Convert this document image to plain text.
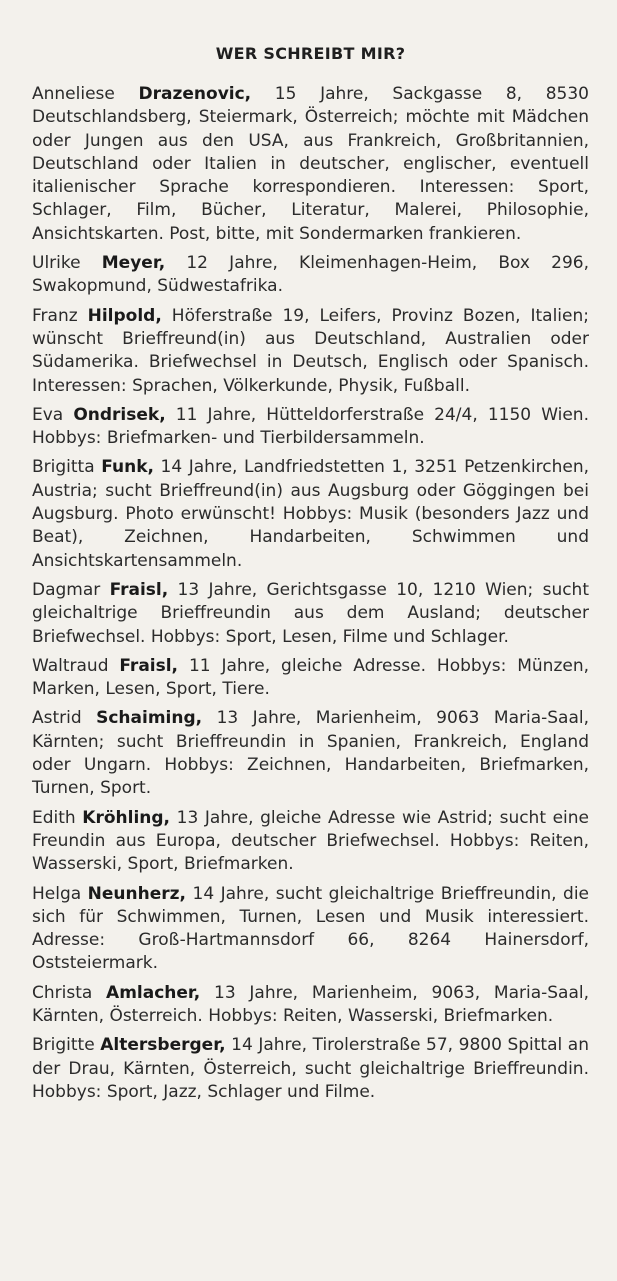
WER SCHREIBT MIR?

Anneliese Drazenovic, 15 Jahre, Sackgasse 8, 8530 Deutschlandsberg, Steiermark, Österreich; möchte mit Mädchen oder Jungen aus den USA, aus Frankreich, Großbritannien, Deutschland oder Italien in deutscher, englischer, eventuell italienischer Sprache korrespondieren. Interessen: Sport, Schlager, Film, Bücher, Literatur, Malerei, Philosophie, Ansichtskarten. Post, bitte, mit Sondermarken frankieren.

Ulrike Meyer, 12 Jahre, Kleimenhagen-Heim, Box 296, Swakopmund, Südwestafrika.

Franz Hilpold, Höferstraße 19, Leifers, Provinz Bozen, Italien; wünscht Brieffreund(in) aus Deutschland, Australien oder Südamerika. Briefwechsel in Deutsch, Englisch oder Spanisch. Interessen: Sprachen, Völkerkunde, Physik, Fußball.

Eva Ondrisek, 11 Jahre, Hütteldorferstraße 24/4, 1150 Wien. Hobbys: Briefmarken- und Tierbildersammeln.

Brigitta Funk, 14 Jahre, Landfriedstetten 1, 3251 Petzenkirchen, Austria; sucht Brieffreund(in) aus Augsburg oder Göggingen bei Augsburg. Photo erwünscht! Hobbys: Musik (besonders Jazz und Beat), Zeichnen, Handarbeiten, Schwimmen und Ansichtskartensammeln.

Dagmar Fraisl, 13 Jahre, Gerichtsgasse 10, 1210 Wien; sucht gleichaltrige Brieffreundin aus dem Ausland; deutscher Briefwechsel. Hobbys: Sport, Lesen, Filme und Schlager.

Waltraud Fraisl, 11 Jahre, gleiche Adresse. Hobbys: Münzen, Marken, Lesen, Sport, Tiere.

Astrid Schaiming, 13 Jahre, Marienheim, 9063 Maria-Saal, Kärnten; sucht Brieffreundin in Spanien, Frankreich, England oder Ungarn. Hobbys: Zeichnen, Handarbeiten, Briefmarken, Turnen, Sport.

Edith Kröhling, 13 Jahre, gleiche Adresse wie Astrid; sucht eine Freundin aus Europa, deutscher Briefwechsel. Hobbys: Reiten, Wasserski, Sport, Briefmarken.

Helga Neunherz, 14 Jahre, sucht gleichaltrige Brieffreundin, die sich für Schwimmen, Turnen, Lesen und Musik interessiert. Adresse: Groß-Hartmannsdorf 66, 8264 Hainersdorf, Oststeiermark.

Christa Amlacher, 13 Jahre, Marienheim, 9063, Maria-Saal, Kärnten, Österreich. Hobbys: Reiten, Wasserski, Briefmarken.

Brigitte Altersberger, 14 Jahre, Tirolerstraße 57, 9800 Spittal an der Drau, Kärnten, Österreich, sucht gleichaltrige Brieffreundin. Hobbys: Sport, Jazz, Schlager und Filme.
